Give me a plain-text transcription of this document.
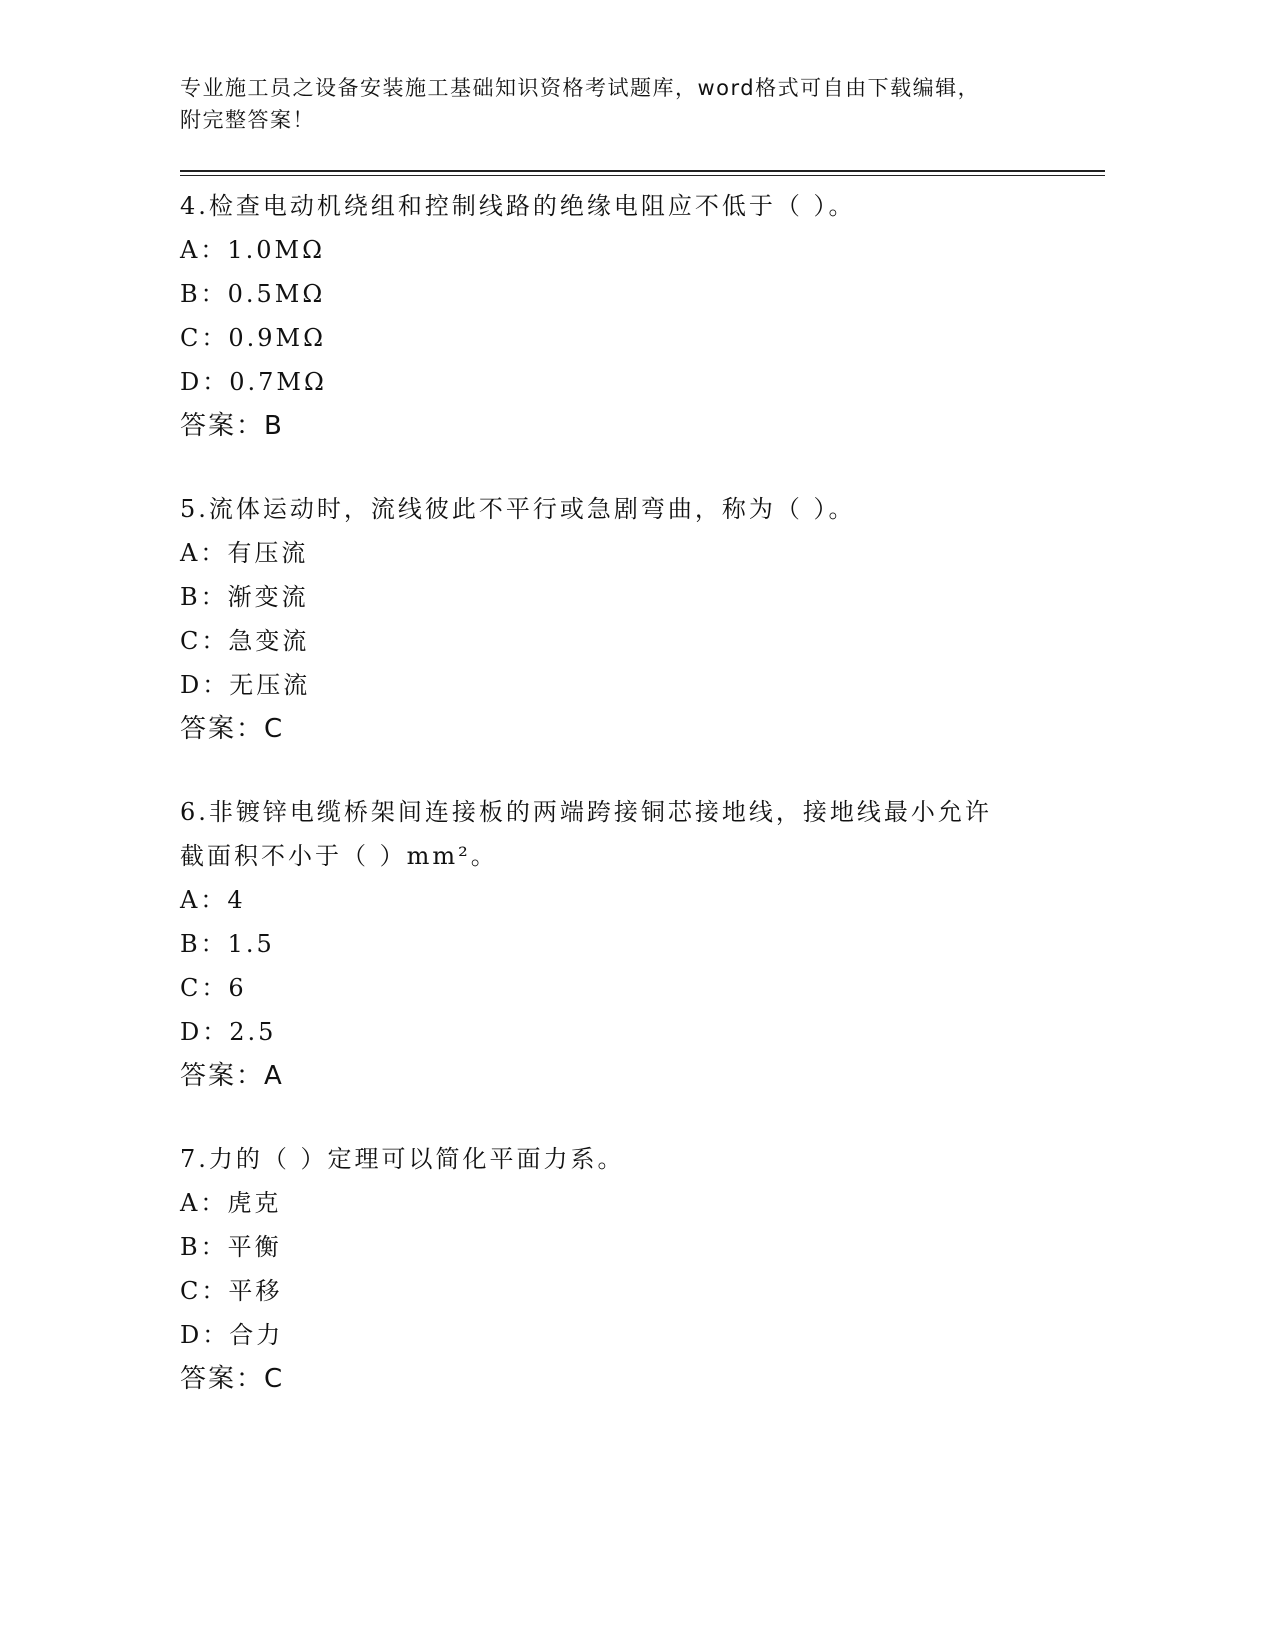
专业施工员之设备安装施工基础知识资格考试题库，word格式可自由下载编辑，
附完整答案！

4.检查电动机绕组和控制线路的绝缘电阻应不低于（ ）。

A：1.0MΩ

B：0.5MΩ

C：0.9MΩ

D：0.7MΩ

答案：B

5.流体运动时，流线彼此不平行或急剧弯曲，称为（ ）。

A：有压流

B：渐变流

C：急变流

D：无压流

答案：C

6.非镀锌电缆桥架间连接板的两端跨接铜芯接地线，接地线最小允许

截面积不小于（ ）mm²。

A：4

B：1.5

C：6

D：2.5

答案：A

7.力的（ ）定理可以简化平面力系。

A：虎克

B：平衡

C：平移

D：合力

答案：C
